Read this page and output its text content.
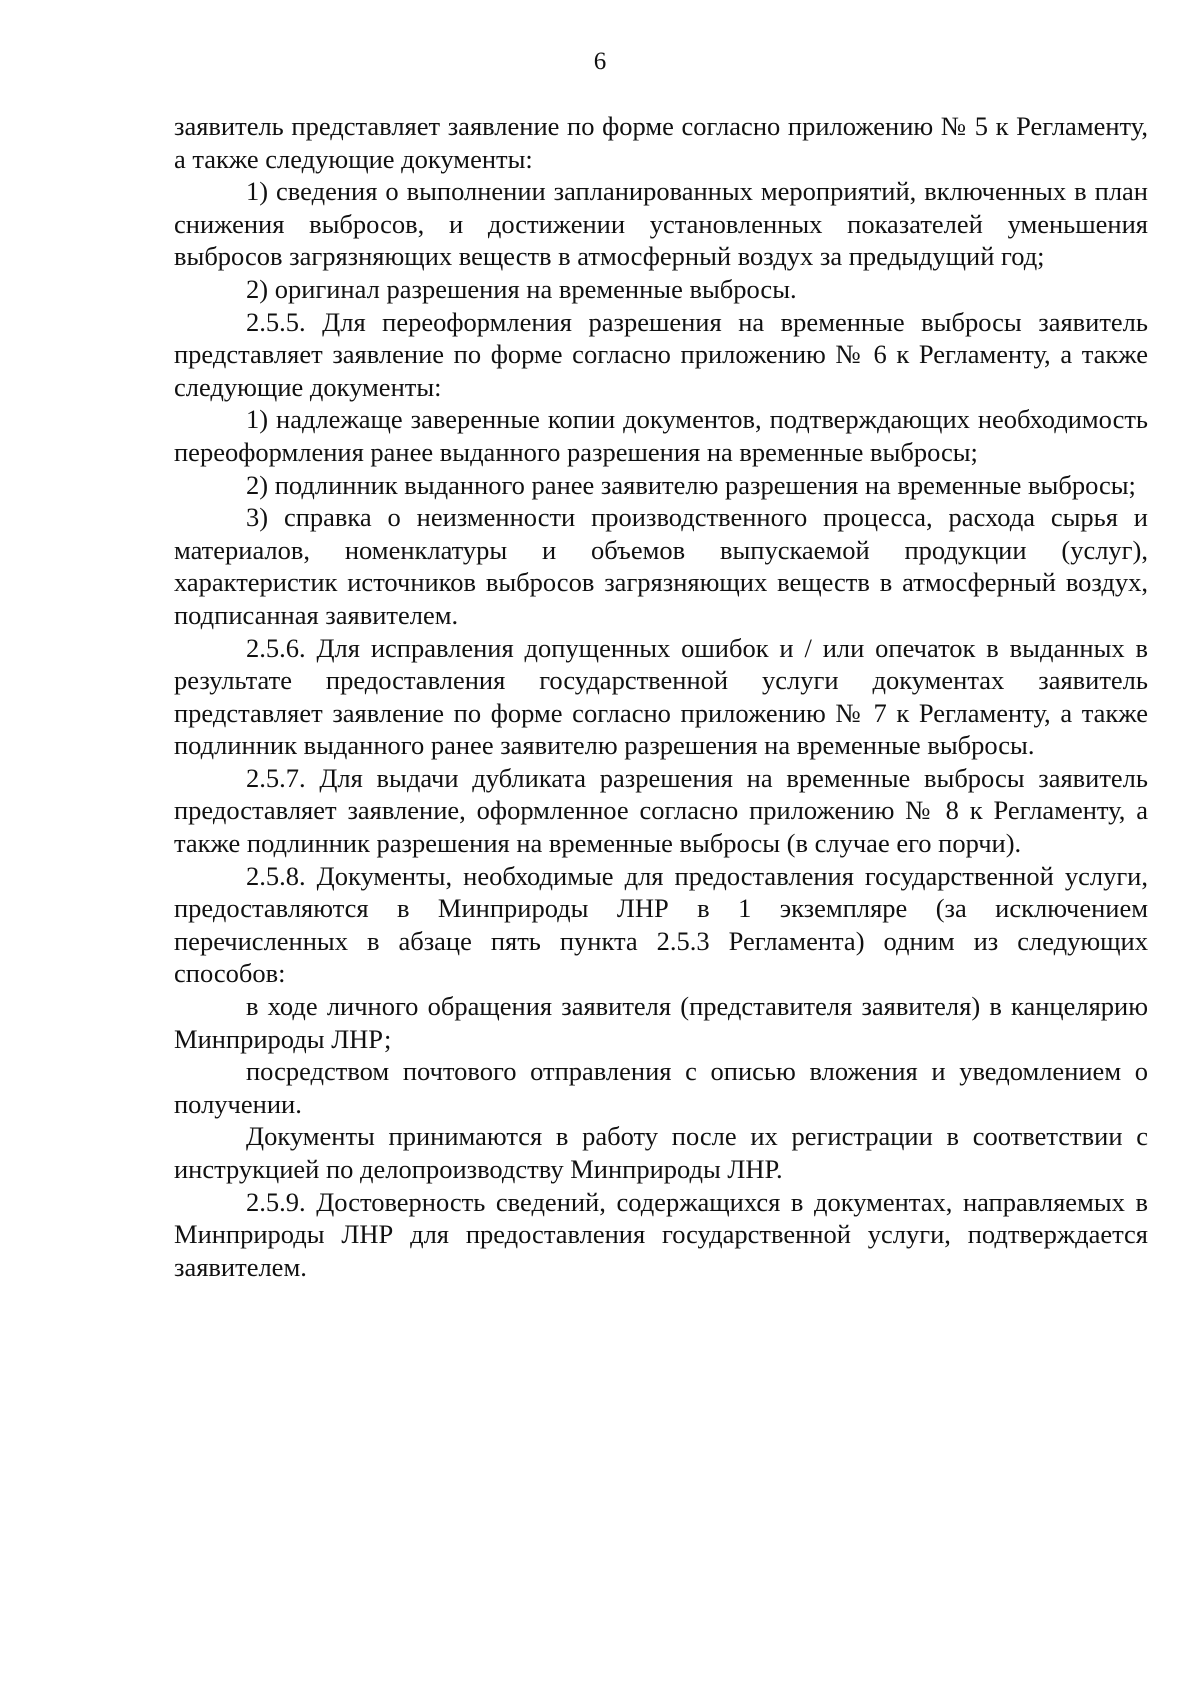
6

заявитель представляет заявление по форме согласно приложению № 5 к Регламенту, а также следующие документы:

1) сведения о выполнении запланированных мероприятий, включенных в план снижения выбросов, и достижении установленных показателей уменьшения выбросов загрязняющих веществ в атмосферный воздух за предыдущий год;

2) оригинал разрешения на временные выбросы.

2.5.5. Для переоформления разрешения на временные выбросы заявитель представляет заявление по форме согласно приложению № 6 к Регламенту, а также следующие документы:

1) надлежаще заверенные копии документов, подтверждающих необходимость переоформления ранее выданного разрешения на временные выбросы;

2) подлинник выданного ранее заявителю разрешения на временные выбросы;

3) справка о неизменности производственного процесса, расхода сырья и материалов, номенклатуры и объемов выпускаемой продукции (услуг), характеристик источников выбросов загрязняющих веществ в атмосферный воздух, подписанная заявителем.

2.5.6. Для исправления допущенных ошибок и / или опечаток в выданных в результате предоставления государственной услуги документах заявитель представляет заявление по форме согласно приложению № 7 к Регламенту, а также подлинник выданного ранее заявителю разрешения на временные выбросы.

2.5.7. Для выдачи дубликата разрешения на временные выбросы заявитель предоставляет заявление, оформленное согласно приложению № 8 к Регламенту, а также подлинник разрешения на временные выбросы (в случае его порчи).

2.5.8. Документы, необходимые для предоставления государственной услуги, предоставляются в Минприроды ЛНР в 1 экземпляре (за исключением перечисленных в абзаце пять пункта 2.5.3 Регламента) одним из следующих способов:

в ходе личного обращения заявителя (представителя заявителя) в канцелярию Минприроды ЛНР;

посредством почтового отправления с описью вложения и уведомлением о получении.

Документы принимаются в работу после их регистрации в соответствии с инструкцией по делопроизводству Минприроды ЛНР.

2.5.9. Достоверность сведений, содержащихся в документах, направляемых в Минприроды ЛНР для предоставления государственной услуги, подтверждается заявителем.
